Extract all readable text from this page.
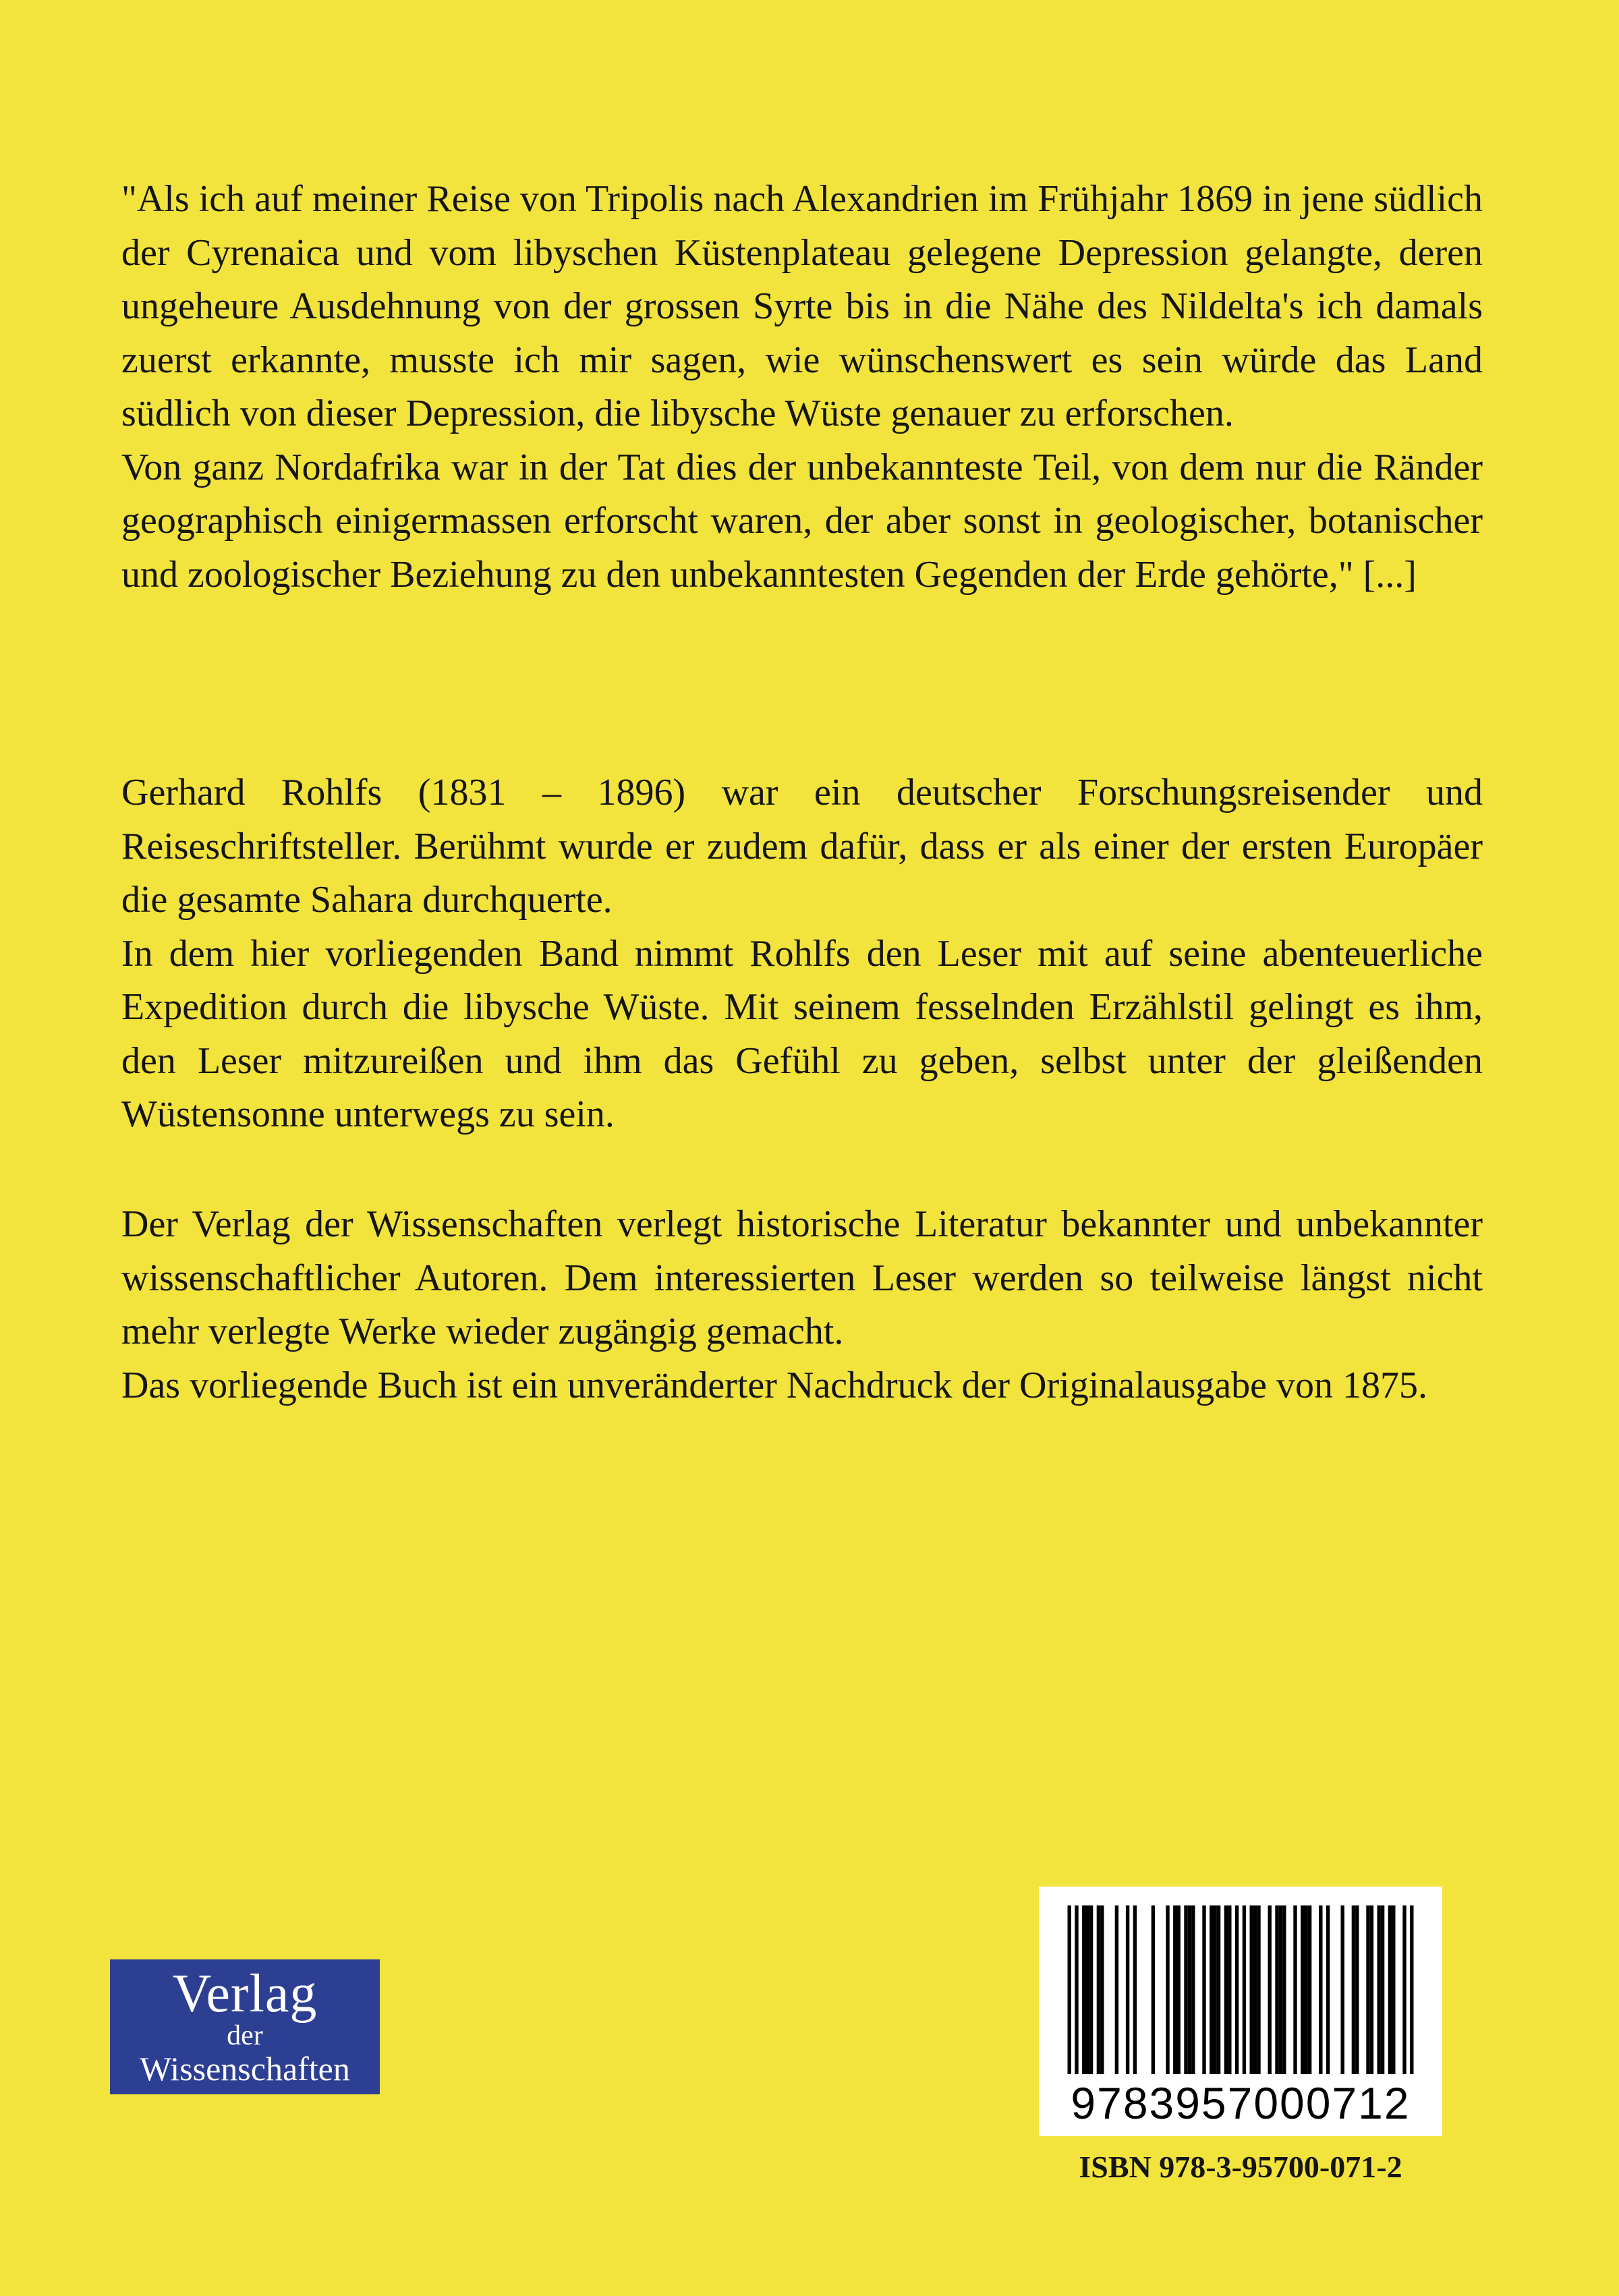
"Als ich auf meiner Reise von Tripolis nach Alexandrien im Frühjahr 1869 in jene südlich der Cyrenaica und vom libyschen Küstenplateau gelegene Depression gelangte, deren ungeheure Ausdehnung von der grossen Syrte bis in die Nähe des Nildelta's ich damals zuerst erkannte, musste ich mir sagen, wie wünschenswert es sein würde das Land südlich von dieser Depression, die libysche Wüste genauer zu erforschen.

Von ganz Nordafrika war in der Tat dies der unbekannteste Teil, von dem nur die Ränder geographisch einigermassen erforscht waren, der aber sonst in geologischer, botanischer und zoologischer Beziehung zu den unbekanntesten Gegenden der Erde gehörte," [...]

Gerhard Rohlfs (1831 – 1896) war ein deutscher Forschungsreisender und Reiseschriftsteller. Berühmt wurde er zudem dafür, dass er als einer der ersten Europäer die gesamte Sahara durchquerte.

In dem hier vorliegenden Band nimmt Rohlfs den Leser mit auf seine abenteuerliche Expedition durch die libysche Wüste. Mit seinem fesselnden Erzählstil gelingt es ihm, den Leser mitzureißen und ihm das Gefühl zu geben, selbst unter der gleißenden Wüstensonne unterwegs zu sein.

Der Verlag der Wissenschaften verlegt historische Literatur bekannter und unbekannter wissenschaftlicher Autoren. Dem interessierten Leser werden so teilweise längst nicht mehr verlegte Werke wieder zugängig gemacht.

Das vorliegende Buch ist ein unveränderter Nachdruck der Originalausgabe von 1875.

Verlag
der
Wissenschaften
9783957000712
ISBN 978-3-95700-071-2
